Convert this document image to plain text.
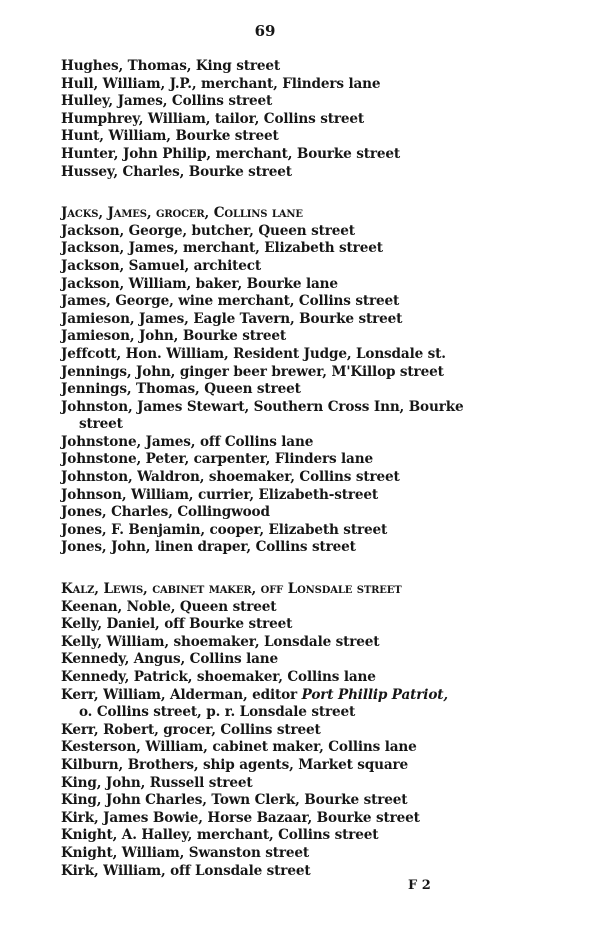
69
Hughes, Thomas, King street
Hull, William, J.P., merchant, Flinders lane
Hulley, James, Collins street
Humphrey, William, tailor, Collins street
Hunt, William, Bourke street
Hunter, John Philip, merchant, Bourke street
Hussey, Charles, Bourke street
Jacks, James, grocer, Collins lane
Jackson, George, butcher, Queen street
Jackson, James, merchant, Elizabeth street
Jackson, Samuel, architect
Jackson, William, baker, Bourke lane
James, George, wine merchant, Collins street
Jamieson, James, Eagle Tavern, Bourke street
Jamieson, John, Bourke street
Jeffcott, Hon. William, Resident Judge, Lonsdale st.
Jennings, John, ginger beer brewer, M'Killop street
Jennings, Thomas, Queen street
Johnston, James Stewart, Southern Cross Inn, Bourke
street
Johnstone, James, off Collins lane
Johnstone, Peter, carpenter, Flinders lane
Johnston, Waldron, shoemaker, Collins street
Johnson, William, currier, Elizabeth-street
Jones, Charles, Collingwood
Jones, F. Benjamin, cooper, Elizabeth street
Jones, John, linen draper, Collins street
Kalz, Lewis, cabinet maker, off Lonsdale street
Keenan, Noble, Queen street
Kelly, Daniel, off Bourke street
Kelly, William, shoemaker, Lonsdale street
Kennedy, Angus, Collins lane
Kennedy, Patrick, shoemaker, Collins lane
Kerr, William, Alderman, editor Port Phillip Patriot,
o. Collins street, p. r. Lonsdale street
Kerr, Robert, grocer, Collins street
Kesterson, William, cabinet maker, Collins lane
Kilburn, Brothers, ship agents, Market square
King, John, Russell street
King, John Charles, Town Clerk, Bourke street
Kirk, James Bowie, Horse Bazaar, Bourke street
Knight, A. Halley, merchant, Collins street
Knight, William, Swanston street
Kirk, William, off Lonsdale street
F 2
